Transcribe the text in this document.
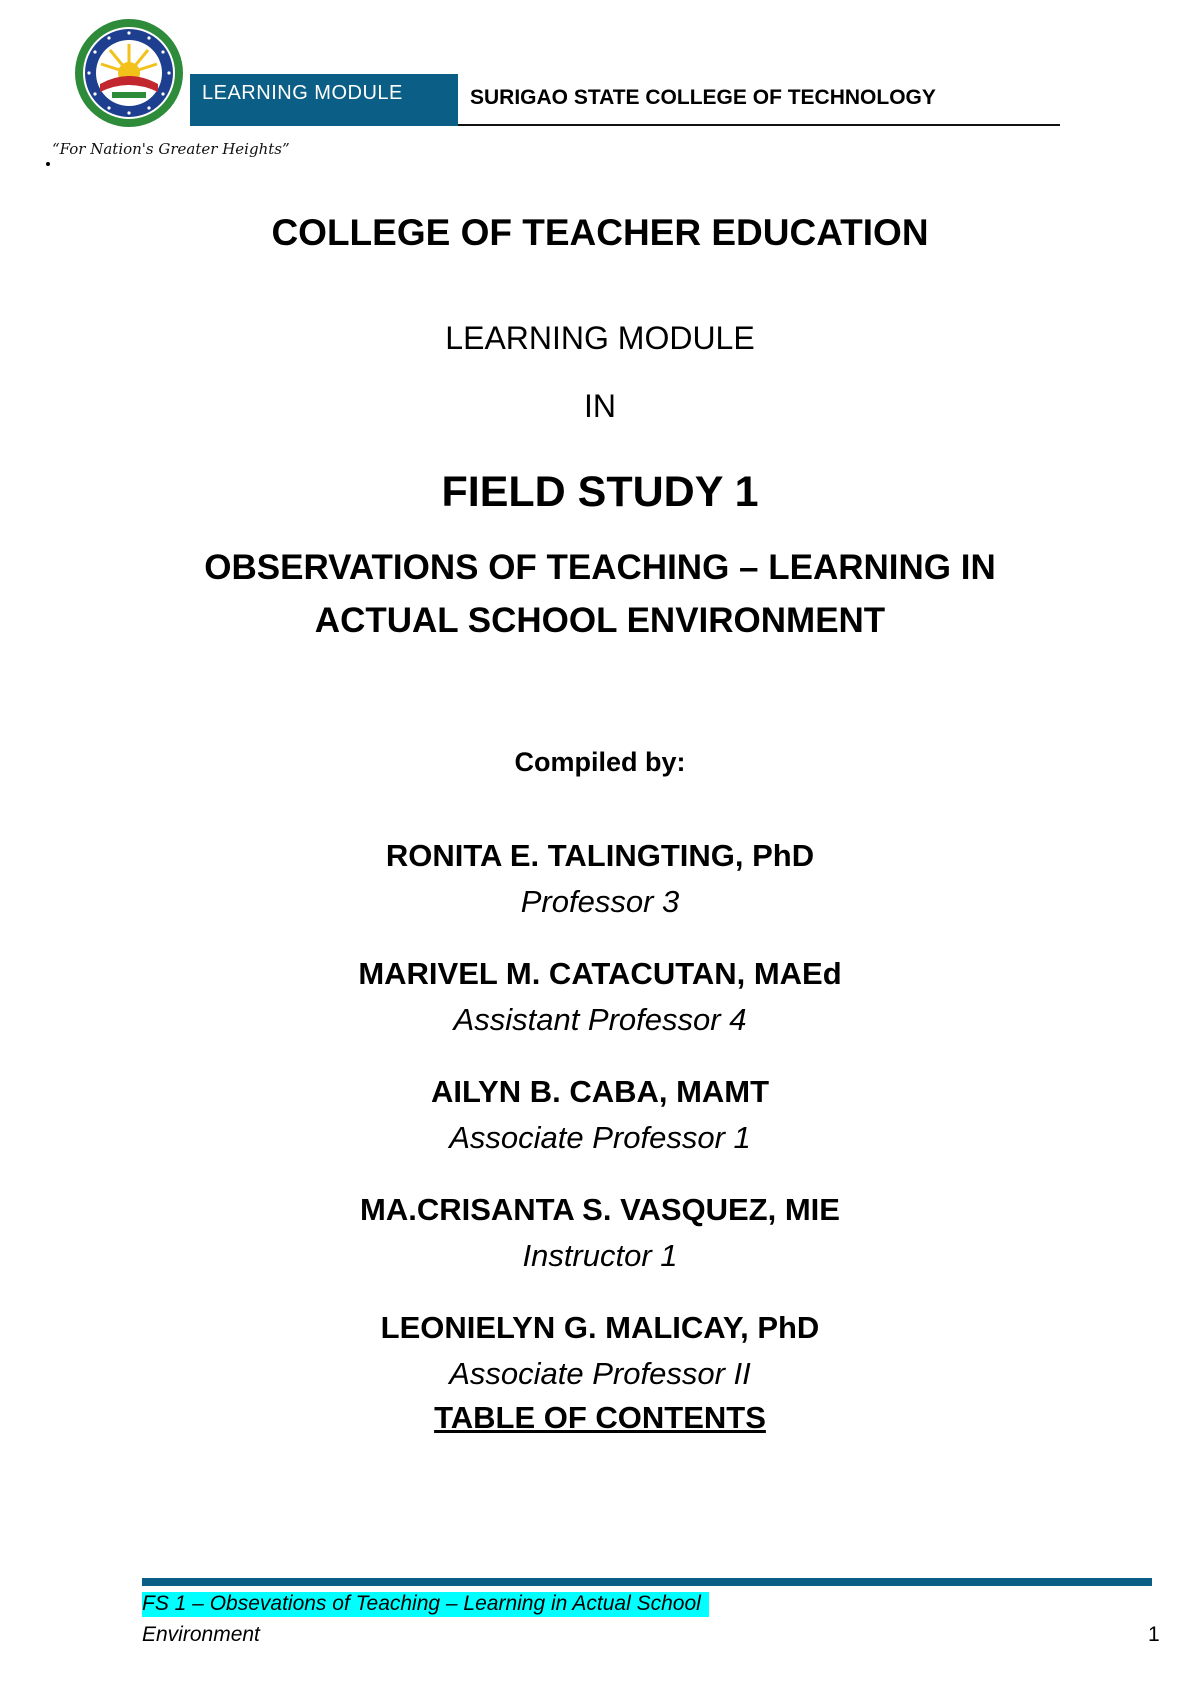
“For Nation's Greater Heights”
LEARNING MODULE	SURIGAO STATE COLLEGE OF TECHNOLOGY
COLLEGE OF TEACHER EDUCATION
LEARNING MODULE
IN
FIELD STUDY 1
OBSERVATIONS OF TEACHING – LEARNING IN
ACTUAL SCHOOL ENVIRONMENT
Compiled by:
RONITA E. TALINGTING, PhD
Professor 3
MARIVEL M. CATACUTAN, MAEd
Assistant Professor 4
AILYN B. CABA, MAMT
Associate Professor 1
MA.CRISANTA S. VASQUEZ, MIE
Instructor 1
LEONIELYN G. MALICAY, PhD
Associate Professor II
TABLE OF CONTENTS
FS 1 – Obsevations of Teaching – Learning in Actual School
Environment	1
